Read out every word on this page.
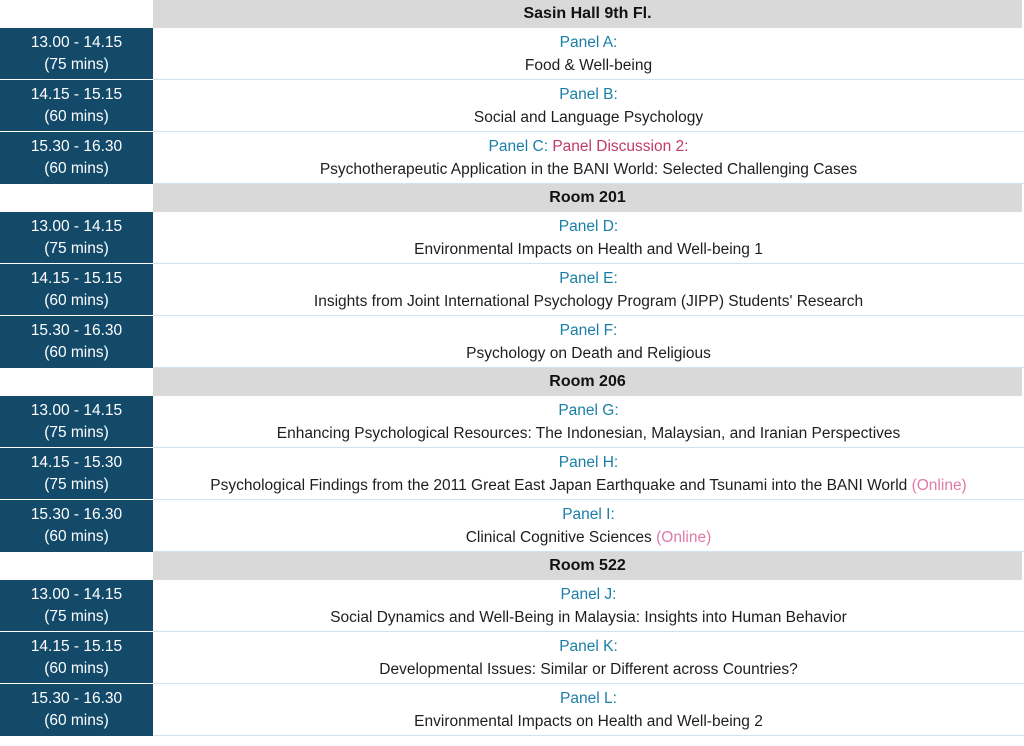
Sasin Hall 9th Fl.
13.00 - 14.15
(75 mins)
Panel A:
Food & Well-being
14.15 - 15.15
(60 mins)
Panel B:
Social and Language Psychology
15.30 - 16.30
(60 mins)
Panel C: Panel Discussion 2:
Psychotherapeutic Application in the BANI World: Selected Challenging Cases
Room 201
13.00 - 14.15
(75 mins)
Panel D:
Environmental Impacts on Health and Well-being 1
14.15 - 15.15
(60 mins)
Panel E:
Insights from Joint International Psychology Program (JIPP) Students' Research
15.30 - 16.30
(60 mins)
Panel F:
Psychology on Death and Religious
Room 206
13.00 - 14.15
(75 mins)
Panel G:
Enhancing Psychological Resources: The Indonesian, Malaysian, and Iranian Perspectives
14.15 - 15.30
(75 mins)
Panel H:
Psychological Findings from the 2011 Great East Japan Earthquake and Tsunami into the BANI World (Online)
15.30 - 16.30
(60 mins)
Panel I:
Clinical Cognitive Sciences (Online)
Room 522
13.00 - 14.15
(75 mins)
Panel J:
Social Dynamics and Well-Being in Malaysia: Insights into Human Behavior
14.15 - 15.15
(60 mins)
Panel K:
Developmental Issues: Similar or Different across Countries?
15.30 - 16.30
(60 mins)
Panel L:
Environmental Impacts on Health and Well-being 2
